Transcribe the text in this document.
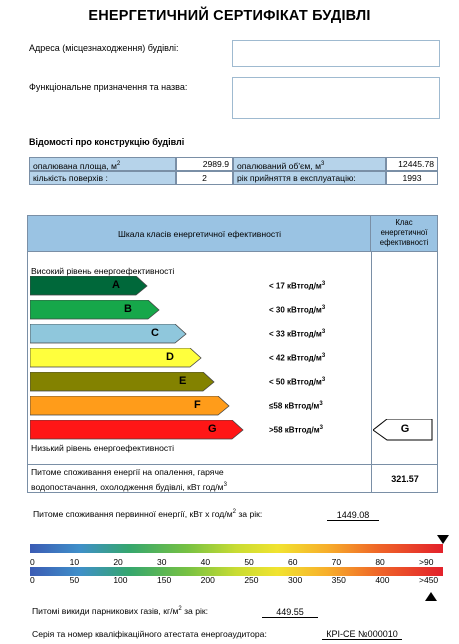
ЕНЕРГЕТИЧНИЙ СЕРТИФІКАТ БУДІВЛІ
Адреса (місцезнаходження) будівлі:
Функціональне призначення та назва:
Відомості про конструкцію будівлі
опалювана площа, $м^2$	2989.9 опалюваний об'єм, $м^3$	12445.78
кількість поверхів :	2	рік прийняття в експлуатацію:	1993
Шкала класів енергетичної ефективності
Клас енергетичної ефективності
Високий рівень енергоефективності
Низький рівень енергоефективності
A	< 17 кВтгод/$м^3$
B	< 30 кВтгод/$м^3$
C	< 33 кВтгод/$м^3$
D	< 42 кВтгод/$м^3$
E	< 50 кВтгод/$м^3$
F	≤58 кВтгод/$м^3$
G	>58 кВтгод/$м^3$	G
Питоме споживання енергії на опалення, гаряче
водопостачання, охолодження будівлі, кВт год/$м^3$
321.57
Питоме споживання первинної енергії, кВт х год/$м^2$ за рік:	1449.08
0	10	20	30	40	50	60	70	80	>90
0	50	100	150	200	250	300	350	400	>450
Питомі викиди парникових газів, $кг/м^2$ за рік:	449.55
Серія та номер кваліфікаційного атестата енергоаудитора:	КРІ-СЕ №000010
